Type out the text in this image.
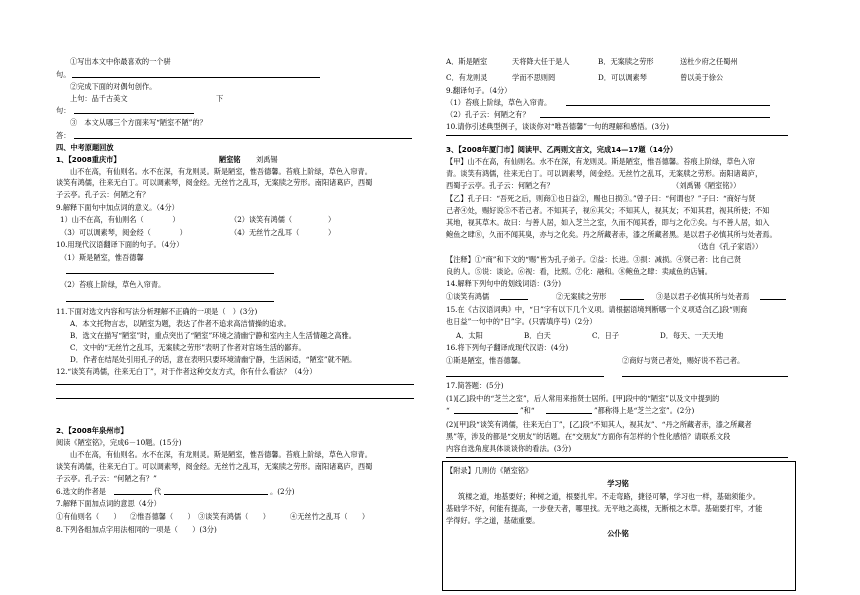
①写出本文中你最喜欢的一个骈
句。
②完成下面的对偶句创作。
上句：品千古美文	下
句：
③　本文从哪三个方面来写“陋室不陋”的？
答：
四、中考原题回放
1、【2008重庆市】	陋室铭 刘禹锡
山不在高，有仙则名。水不在深，有龙则灵。斯是陋室，惟吾德馨。苔痕上阶绿，草色入帘青。
谈笑有鸿儒，往来无白丁。可以调素琴，阅金经。无丝竹之乱耳，无案牍之劳形。南阳诸葛庐，西蜀
子云亭。孔子云：何陋之有？
9.解释下面句中加点词的意义。（4分）
1）山不在高，有仙则名（　　　　）	（2）谈笑有鸿儒（　　　　　）
（3）可以调素琴，阅金经（　　　　）	（4）无丝竹之乱耳（　　　　）
10.用现代汉语翻译下面的句子。（4分）
（1）斯是陋室，惟吾德馨
（2）苔痕上阶绿，草色入帘青。
11.下面对选文内容和写法分析理解不正确的一项是（　）(3分)
A．本文托物言志，以陋室为题，表达了作者不追求高洁情操的追求。
B．选文在描写“陋室”时，重点突出了“陋室”环境之清幽宁静和室内主人生活情趣之高雅。
C．文中的“无丝竹之乱耳，无案牍之劳形”表明了作者对官场生活的鄙弃。
D．作者在结尾处引用孔子的话，意在表明只要环境清幽宁静，生活闲适，“陋室”就不陋。
12.“谈笑有鸿儒，往来无白丁”，对于作者这种交友方式，你有什么看法？（4分）
2、【2008年泉州市】
阅读《陋室铭》，完成6－10题。(15分)
山不在高，有仙则名。水不在深，有龙则灵。斯是陋室，惟吾德馨。苔痕上阶绿，草色入帘青。
谈笑有鸿儒，往来无白丁。可以调素琴，阅金经。无丝竹之乱耳，无案牍之劳形。南阳诸葛庐，西蜀
子云亭。孔子云：“何陋之有？”
6.选文的作者是	代	。(2分)
7.解释下面加点词的意思（4分）
①有仙则名（　　） ②惟吾德馨（　　） ③谈笑有鸿儒（　　）	④无丝竹之乱耳（　　）
8.下列各组加点字用法相同的一项是（　　）(3分)
A．斯是陋室	天将降大任于是人	B．无案牍之劳形	送杜少府之任蜀州
C．有龙则灵	学而不思则罔	D．可以调素琴	曾以美于徐公
9.翻译句子。（4分）
（1）苔痕上阶绿，草色入帘青。
（2）孔子云：何陋之有？
10.请你引述典型例子，谈谈你对“唯吾德馨”一句的理解和感悟。(3分)
3、【2008年厦门市】阅读甲、乙两则文言文，完成14—17题（14分）
【甲】山不在高，有仙则名。水不在深，有龙则灵。斯是陋室，惟吾德馨。苔痕上阶绿，草色入帘
青。谈笑有鸿儒，往来无白丁。可以调素琴，阅金经。无丝竹之乱耳，无案牍之劳形。南阳诸葛庐，
西蜀子云亭。孔子云：何陋之有？	（刘禹锡《陋室铭》）
【乙】孔子曰：“吾死之后，则商①也日益②，赐也日损③。”曾子曰：“何谓也？”子曰：“商好与贤
己者④处，赐好说⑤不若己者。不知其子，视⑥其父；不知其人，视其友；不知其君，视其所使；不知
其地，视其草木。故曰：与善人居，如入芝兰之室，久而不闻其香，即与之化⑦矣。与不善人居，如入
鲍鱼之肆⑧，久而不闻其臭，亦与之化矣。丹之所藏者赤，漆之所藏者黑。是以君子必慎其所与处者焉。
（选自《孔子家语》）
【注释】①“商”和下文的“赐”皆为孔子弟子。②益：长进。③损：减损。④贤己者：比自己贤
良的人。⑤说：谈论。⑥视：看，比照。⑦化：融和。⑧鲍鱼之肆：卖咸鱼的店铺。
14.解释下列句中的划线词语：(3分)
①谈笑有鸿儒	②无案牍之劳形	③是以君子必慎其所与处者焉
15.在《古汉语词典》中，“日”字有以下几个义项。请根据语境判断哪一个义项适合[乙]段“则商
也日益”一句中的“日”字。(只需填序号)（2分）
A．太阳	B．白天	C．日子	D．每天、一天天地
16.将下列句子翻译成现代汉语：(4分)
①斯是陋室，惟吾德馨。	②商好与贤己者处，赐好说不若己者。
17.简答题：(5分)
(1)[乙]段中的“芝兰之室”，后人常用来指贤士居所。[甲]段中的“陋室”以及文中提到的
“	”和“	”都称得上是“芝兰之室”。(2分)
(2)[甲]段“谈笑有鸿儒，往来无白丁”，[乙]段“不知其人，视其友”、“丹之所藏者赤，漆之所藏者
黑”等，涉及的都是“交朋友”的话题。在“交朋友”方面你有怎样的个性化感悟？请联系文段
内容自选角度具体谈谈你的看法。(3分)
【附录】几则仿《陋室铭》
学习铭
筑楼之道，地基要好；种树之道，根要扎牢。不走弯路，捷径可攀，学习也一样，基础须能少。
基础学不好，何能有提高，一步登天者，哪里找。无平地之高楼，无断根之木草。基础要打牢，才能
学得好。学之道，基础重要。
公仆铭
